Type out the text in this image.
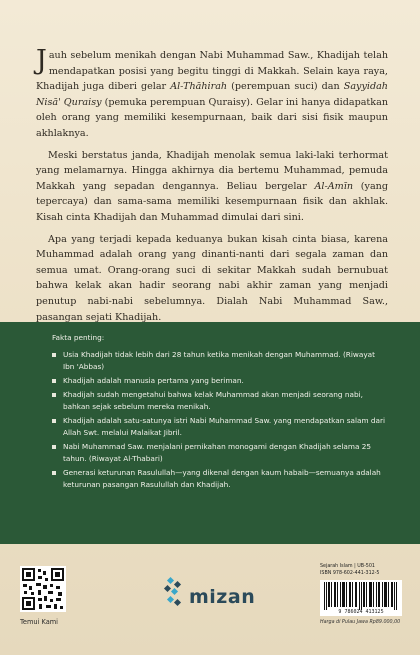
Jauh sebelum menikah dengan Nabi Muhammad Saw., Khadijah telah mendapatkan posisi yang begitu tinggi di Makkah. Selain kaya raya, Khadijah juga diberi gelar Al-Thāhirah (perempuan suci) dan Sayyidah Nisā' Quraisy (pemuka perempuan Quraisy). Gelar ini hanya didapatkan oleh orang yang memiliki kesempurnaan, baik dari sisi fisik maupun akhlaknya.

Meski berstatus janda, Khadijah menolak semua laki-laki terhormat yang melamarnya. Hingga akhirnya dia bertemu Muhammad, pemuda Makkah yang sepadan dengannya. Beliau bergelar Al-Amīn (yang tepercaya) dan sama-sama memiliki kesempurnaan fisik dan akhlak. Kisah cinta Khadijah dan Muhammad dimulai dari sini.

Apa yang terjadi kepada keduanya bukan kisah cinta biasa, karena Muhammad adalah orang yang dinanti-nanti dari segala zaman dan semua umat. Orang-orang suci di sekitar Makkah sudah bernubuat bahwa kelak akan hadir seorang nabi akhir zaman yang menjadi penutup nabi-nabi sebelumnya. Dialah Nabi Muhammad Saw., pasangan sejati Khadijah.

Fakta penting:
Usia Khadijah tidak lebih dari 28 tahun ketika menikah dengan Muhammad. (Riwayat Ibn 'Abbas)
Khadijah adalah manusia pertama yang beriman.
Khadijah sudah mengetahui bahwa kelak Muhammad akan menjadi seorang nabi, bahkan sejak sebelum mereka menikah.
Khadijah adalah satu-satunya istri Nabi Muhammad Saw. yang mendapatkan salam dari Allah Swt. melalui Malaikat Jibril.
Nabi Muhammad Saw. menjalani pernikahan monogami dengan Khadijah selama 25 tahun. (Riwayat Al-Thabari)
Generasi keturunan Rasulullah—yang dikenal dengan kaum habaib—semuanya adalah keturunan pasangan Rasulullah dan Khadijah.
Temui Kami
mizan
Sejarah Islam | UB-501
ISBN 978-602-441-312-5
9 786024 413125
Harga di Pulau Jawa Rp89.000,00
